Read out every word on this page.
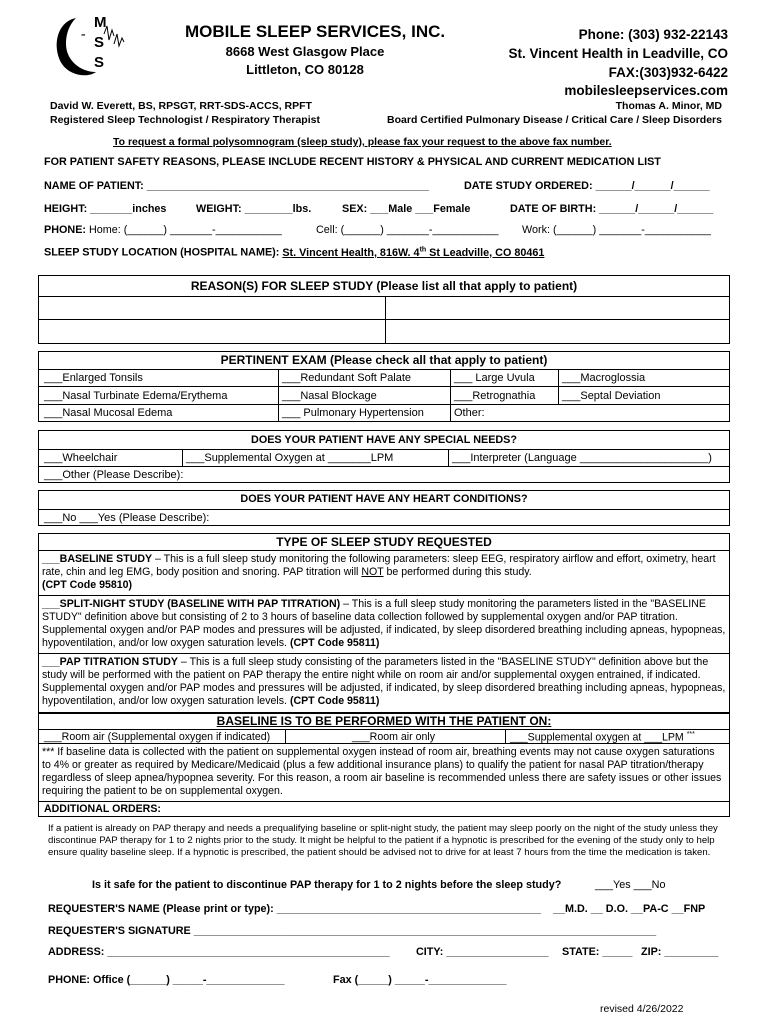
-
M
S
S
MOBILE SLEEP SERVICES, INC.
8668 West Glasgow Place
Littleton, CO 80128
Phone: (303) 932-22143
St. Vincent Health in Leadville, CO
FAX:(303)932-6422
mobilesleepservices.com
David W. Everett, BS, RPSGT, RRT-SDS-ACCS, RPFT
Registered Sleep Technologist / Respiratory Therapist
Thomas A. Minor, MD
Board Certified Pulmonary Disease / Critical Care / Sleep Disorders
To request a formal polysomnogram (sleep study), please fax your request to the above fax number.
FOR PATIENT SAFETY REASONS, PLEASE INCLUDE RECENT HISTORY & PHYSICAL AND CURRENT MEDICATION LIST
NAME OF PATIENT: _______________________________________________	DATE STUDY ORDERED: ______/______/______
HEIGHT: _______inches	WEIGHT: ________lbs.	SEX: ___Male ___Female	DATE OF BIRTH: ______/______/______
PHONE: Home: (______) _______-___________	Cell: (______) _______-___________ Work: (______) _______-___________
SLEEP STUDY LOCATION (HOSPITAL NAME): St. Vincent Health, 816W. 4th St Leadville, CO 80461
REASON(S) FOR SLEEP STUDY (Please list all that apply to patient)
PERTINENT EXAM (Please check all that apply to patient)
___Enlarged Tonsils	___Redundant Soft Palate	___ Large Uvula ___Macroglossia
___Nasal Turbinate Edema/Erythema	___Nasal Blockage	___Retrognathia ___Septal Deviation
___Nasal Mucosal Edema	___ Pulmonary Hypertension	Other:
DOES YOUR PATIENT HAVE ANY SPECIAL NEEDS?
___Wheelchair	___Supplemental Oxygen at _______LPM	___Interpreter (Language _____________________)
___Other (Please Describe):
DOES YOUR PATIENT HAVE ANY HEART CONDITIONS?
___No ___Yes (Please Describe):
TYPE OF SLEEP STUDY REQUESTED
___BASELINE STUDY – This is a full sleep study monitoring the following parameters: sleep EEG, respiratory airflow and effort, oximetry, heart rate, chin and leg EMG, body position and snoring. PAP titration will NOT be performed during this study.
(CPT Code 95810)
___SPLIT-NIGHT STUDY (BASELINE WITH PAP TITRATION) – This is a full sleep study monitoring the parameters listed in the "BASELINE STUDY" definition above but consisting of 2 to 3 hours of baseline data collection followed by supplemental oxygen and/or PAP titration. Supplemental oxygen and/or PAP modes and pressures will be adjusted, if indicated, by sleep disordered breathing including apneas, hypopneas, hypoventilation, and/or low oxygen saturation levels. (CPT Code 95811)
___PAP TITRATION STUDY – This is a full sleep study consisting of the parameters listed in the "BASELINE STUDY" definition above but the study will be performed with the patient on PAP therapy the entire night while on room air and/or supplemental oxygen entrained, if indicated. Supplemental oxygen and/or PAP modes and pressures will be adjusted, if indicated, by sleep disordered breathing including apneas, hypopneas, hypoventilation, and/or low oxygen saturation levels. (CPT Code 95811)
BASELINE IS TO BE PERFORMED WITH THE PATIENT ON:
___Room air (Supplemental oxygen if indicated)	___Room air only	___Supplemental oxygen at ___LPM ***
*** If baseline data is collected with the patient on supplemental oxygen instead of room air, breathing events may not cause oxygen saturations to 4% or greater as required by Medicare/Medicaid (plus a few additional insurance plans) to qualify the patient for nasal PAP titration/therapy regardless of sleep apnea/hypopnea severity. For this reason, a room air baseline is recommended unless there are safety issues or other issues requiring the patient to be on supplemental oxygen.
ADDITIONAL ORDERS:
If a patient is already on PAP therapy and needs a prequalifying baseline or split-night study, the patient may sleep poorly on the night of the study unless they discontinue PAP therapy for 1 to 2 nights prior to the study. It might be helpful to the patient if a hypnotic is prescribed for the evening of the study only to help ensure quality baseline sleep. If a hypnotic is prescribed, the patient should be advised not to drive for at least 7 hours from the time the medication is taken.
Is it safe for the patient to discontinue PAP therapy for 1 to 2 nights before the sleep study?	___Yes ___No
REQUESTER'S NAME (Please print or type): ____________________________________________ __M.D. __ D.O. __PA-C __FNP
REQUESTER'S SIGNATURE _____________________________________________________________________________
ADDRESS: _______________________________________________ CITY: _________________ STATE: _____ ZIP: _________
PHONE: Office (______) _____-_____________	Fax (_____) _____-_____________
revised 4/26/2022
